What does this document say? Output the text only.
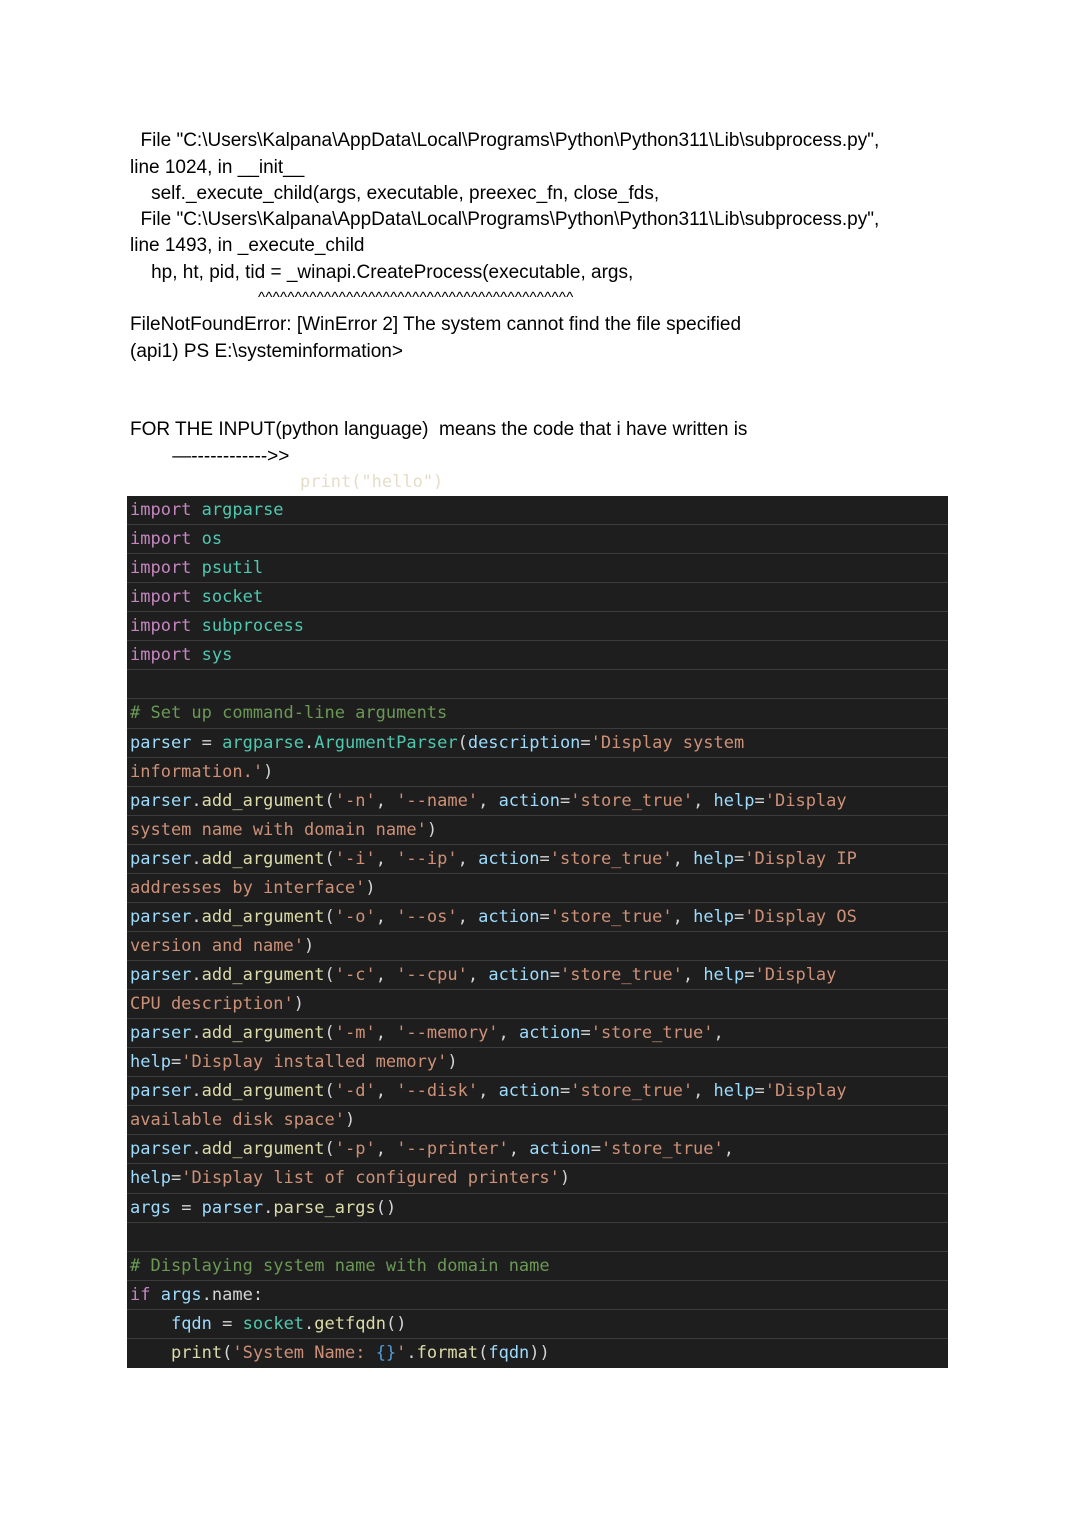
File "C:\Users\Kalpana\AppData\Local\Programs\Python\Python311\Lib\subprocess.py",
line 1024, in __init__
self._execute_child(args, executable, preexec_fn, close_fds,
File "C:\Users\Kalpana\AppData\Local\Programs\Python\Python311\Lib\subprocess.py",
line 1493, in _execute_child
hp, ht, pid, tid = _winapi.CreateProcess(executable, args,
^^^^^^^^^^^^^^^^^^^^^^^^^^^^^^^^^^^^^^^^^^^
FileNotFoundError: [WinError 2] The system cannot find the file specified
(api1) PS E:\systeminformation>
FOR THE INPUT(python language)  means the code that i have written is
—------------>>
print("hello")
import argparse
import os
import psutil
import socket
import subprocess
import sys
# Set up command-line arguments
parser = argparse.ArgumentParser(description='Display system
information.')
parser.add_argument('-n', '--name', action='store_true', help='Display
system name with domain name')
parser.add_argument('-i', '--ip', action='store_true', help='Display IP
addresses by interface')
parser.add_argument('-o', '--os', action='store_true', help='Display OS
version and name')
parser.add_argument('-c', '--cpu', action='store_true', help='Display
CPU description')
parser.add_argument('-m', '--memory', action='store_true',
help='Display installed memory')
parser.add_argument('-d', '--disk', action='store_true', help='Display
available disk space')
parser.add_argument('-p', '--printer', action='store_true',
help='Display list of configured printers')
args = parser.parse_args()
# Displaying system name with domain name
if args.name:
fqdn = socket.getfqdn()
print('System Name: {}'.format(fqdn))
